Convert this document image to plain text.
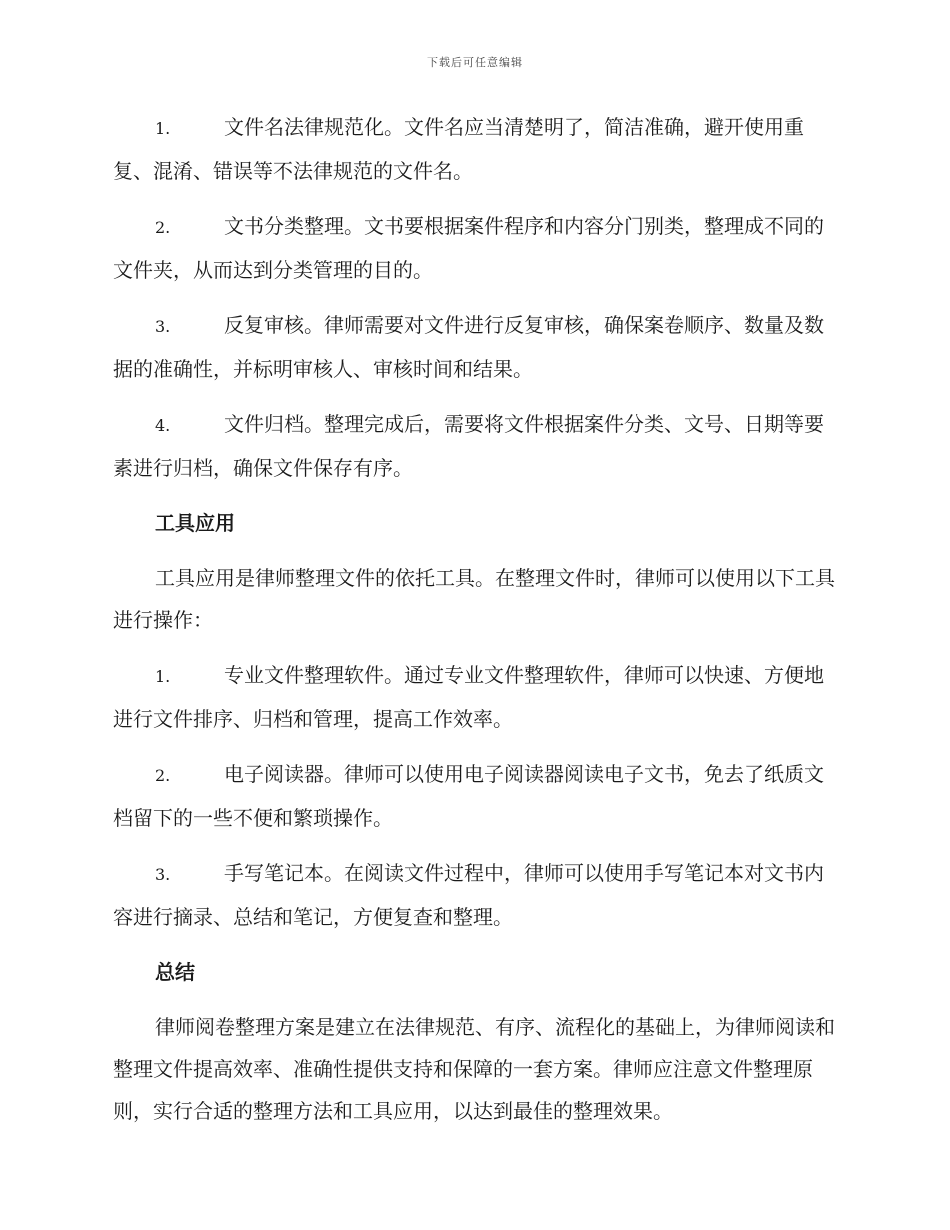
下载后可任意编辑
1.	文件名法律规范化。文件名应当清楚明了，简洁准确，避开使用重复、混淆、错误等不法律规范的文件名。
2.	文书分类整理。文书要根据案件程序和内容分门别类，整理成不同的文件夹，从而达到分类管理的目的。
3.	反复审核。律师需要对文件进行反复审核，确保案卷顺序、数量及数据的准确性，并标明审核人、审核时间和结果。
4.	文件归档。整理完成后，需要将文件根据案件分类、文号、日期等要素进行归档，确保文件保存有序。
工具应用
工具应用是律师整理文件的依托工具。在整理文件时，律师可以使用以下工具进行操作：
1.	专业文件整理软件。通过专业文件整理软件，律师可以快速、方便地进行文件排序、归档和管理，提高工作效率。
2.	电子阅读器。律师可以使用电子阅读器阅读电子文书，免去了纸质文档留下的一些不便和繁琐操作。
3.	手写笔记本。在阅读文件过程中，律师可以使用手写笔记本对文书内容进行摘录、总结和笔记，方便复查和整理。
总结
律师阅卷整理方案是建立在法律规范、有序、流程化的基础上，为律师阅读和整理文件提高效率、准确性提供支持和保障的一套方案。律师应注意文件整理原则，实行合适的整理方法和工具应用，以达到最佳的整理效果。
